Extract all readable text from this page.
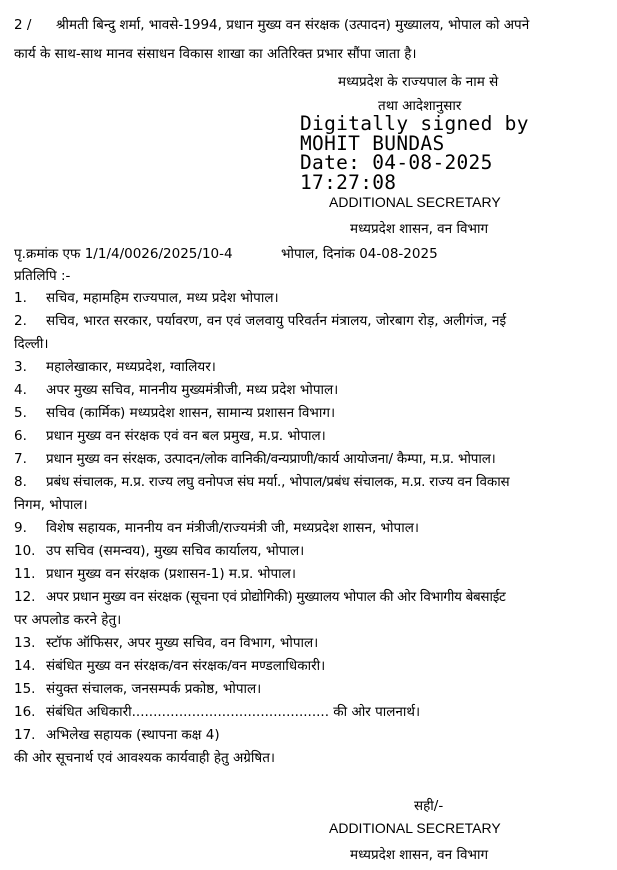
2 / श्रीमती बिन्दु शर्मा, भावसे-1994, प्रधान मुख्य वन संरक्षक (उत्पादन) मुख्यालय, भोपाल को अपने
कार्य के साथ-साथ मानव संसाधन विकास शाखा का अतिरिक्त प्रभार सौंपा जाता है।
मध्यप्रदेश के राज्यपाल के नाम से
तथा आदेशानुसार
Digitally signed by
MOHIT BUNDAS
Date: 04-08-2025
17:27:08
ADDITIONAL SECRETARY
मध्यप्रदेश शासन, वन विभाग
पृ.क्रमांक एफ 1/1/4/0026/2025/10-4	भोपाल, दिनांक 04-08-2025
प्रतिलिपि :-
1. सचिव, महामहिम राज्यपाल, मध्य प्रदेश भोपाल।
2. सचिव, भारत सरकार, पर्यावरण, वन एवं जलवायु परिवर्तन मंत्रालय, जोरबाग रोड़, अलीगंज, नई
दिल्ली।
3. महालेखाकार, मध्यप्रदेश, ग्वालियर।
4. अपर मुख्य सचिव, माननीय मुख्यमंत्रीजी, मध्य प्रदेश भोपाल।
5. सचिव (कार्मिक) मध्यप्रदेश शासन, सामान्य प्रशासन विभाग।
6. प्रधान मुख्य वन संरक्षक एवं वन बल प्रमुख, म.प्र. भोपाल।
7. प्रधान मुख्य वन संरक्षक, उत्पादन/लोक वानिकी/वन्यप्राणी/कार्य आयोजना/ कैम्पा, म.प्र. भोपाल।
8. प्रबंध संचालक, म.प्र. राज्य लघु वनोपज संघ मर्या., भोपाल/प्रबंध संचालक, म.प्र. राज्य वन विकास
निगम, भोपाल।
9. विशेष सहायक, माननीय वन मंत्रीजी/राज्यमंत्री जी, मध्यप्रदेश शासन, भोपाल।
10. उप सचिव (समन्वय), मुख्य सचिव कार्यालय, भोपाल।
11. प्रधान मुख्य वन संरक्षक (प्रशासन-1) म.प्र. भोपाल।
12. अपर प्रधान मुख्य वन संरक्षक (सूचना एवं प्रोद्योगिकी) मुख्यालय भोपाल की ओर विभागीय बेबसाईट
पर अपलोड करने हेतु।
13. स्टॉफ ऑफिसर, अपर मुख्य सचिव, वन विभाग, भोपाल।
14. संबंधित मुख्य वन संरक्षक/वन संरक्षक/वन मण्डलाधिकारी।
15. संयुक्त संचालक, जनसम्पर्क प्रकोष्ठ, भोपाल।
16. संबंधित अधिकारी.............................................. की ओर पालनार्थ।
17. अभिलेख सहायक (स्थापना कक्ष 4)
की ओर सूचनार्थ एवं आवश्यक कार्यवाही हेतु अग्रेषित।
सही/-
ADDITIONAL SECRETARY
मध्यप्रदेश शासन, वन विभाग
